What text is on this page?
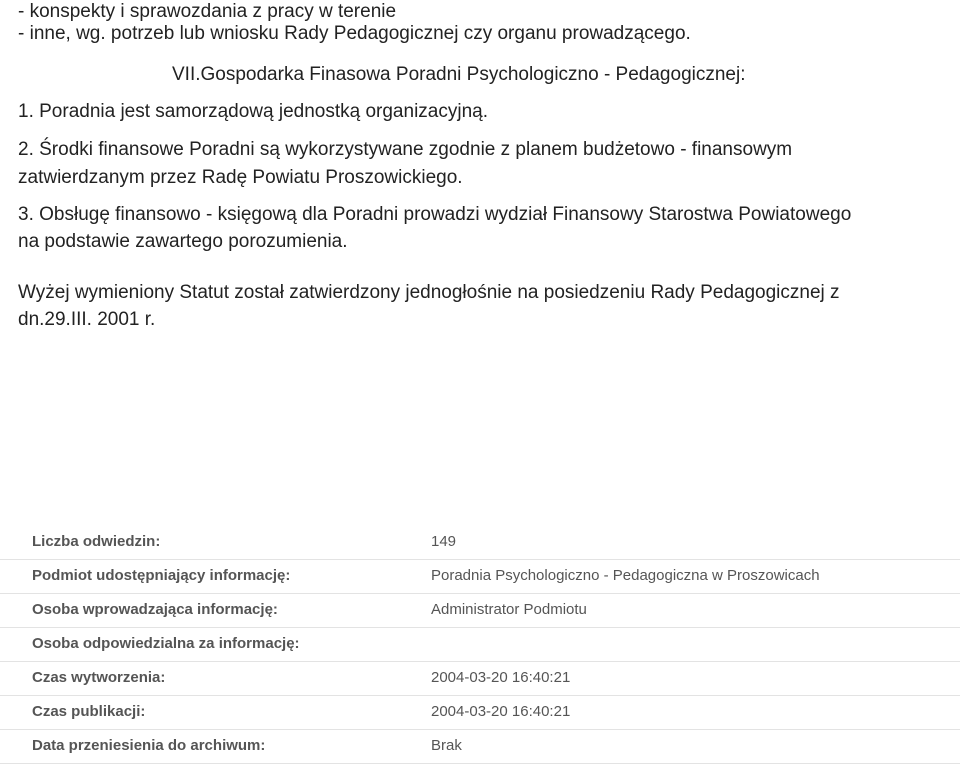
- konspekty i sprawozdania z pracy w terenie
- inne, wg. potrzeb lub wniosku Rady Pedagogicznej czy organu prowadzącego.
VII.Gospodarka Finasowa Poradni Psychologiczno - Pedagogicznej:
1. Poradnia jest samorządową jednostką organizacyjną.
2. Środki finansowe Poradni są wykorzystywane zgodnie z planem budżetowo - finansowym
zatwierdzanym przez Radę Powiatu Proszowickiego.
3. Obsługę finansowo - księgową dla Poradni prowadzi wydział Finansowy Starostwa Powiatowego
na podstawie zawartego porozumienia.
Wyżej wymieniony Statut został zatwierdzony jednogłośnie na posiedzeniu Rady Pedagogicznej z
dn.29.III. 2001 r.
Liczba odwiedzin:	149
Podmiot udostępniający informację:	Poradnia Psychologiczno - Pedagogiczna w Proszowicach
Osoba wprowadzająca informację:	Administrator Podmiotu
Osoba odpowiedzialna za informację:
Czas wytworzenia:	2004-03-20 16:40:21
Czas publikacji:	2004-03-20 16:40:21
Data przeniesienia do archiwum:	Brak
